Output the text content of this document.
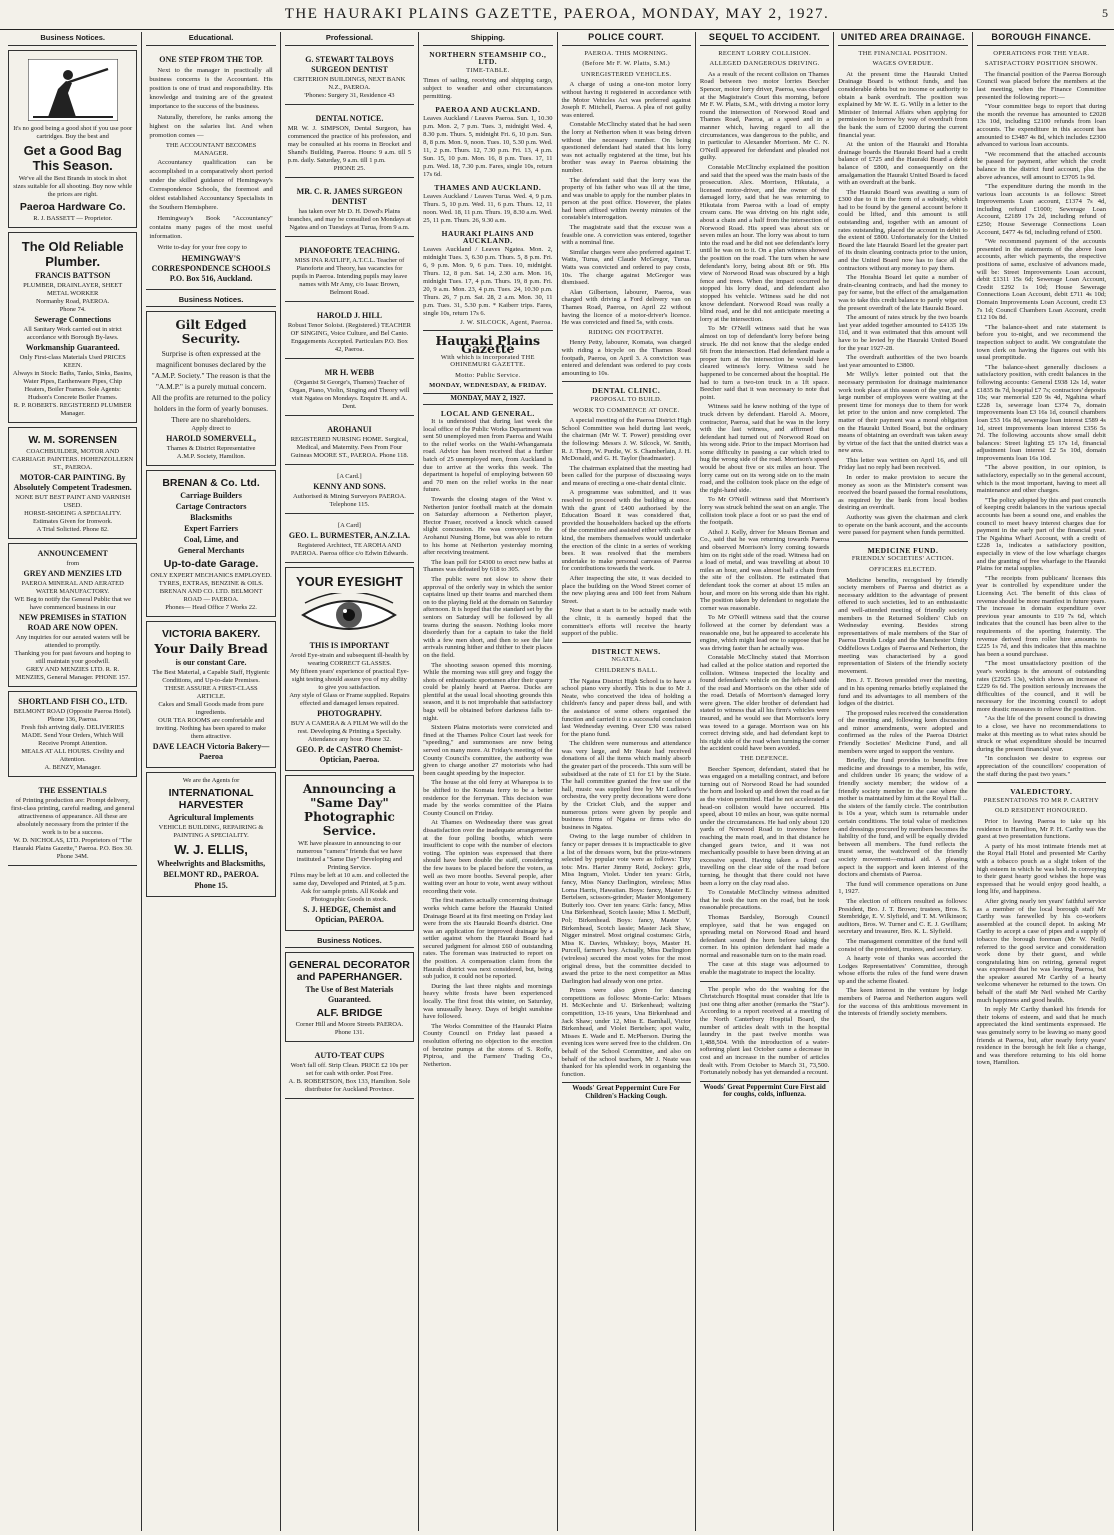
THE HAURAKI PLAINS GAZETTE, PAEROA, MONDAY, MAY 2, 1927.	5
Business Notices.
It's no good being a good shot if you use poor cartridges. Buy the best and
Get a Good Bag This Season.
We've all the Best Brands in stock in shot sizes suitable for all shooting. Buy now while the prices are right.
Paeroa Hardware Co.
R. J. BASSETT — Proprietor.
The Old Reliable Plumber.
FRANCIS BATTSON
PLUMBER, DRAINLAYER, SHEET METAL WORKER
Normanby Road, PAEROA.
Phone 74.
Sewerage Connections
All Sanitary Work carried out in strict accordance with Borough By-laws.
Workmanship Guaranteed.
Only First-class Materials Used PRICES KEEN.
Always in Stock: Baths, Tanks, Sinks, Basins, Water Pipes, Earthenware Pipes, Chip Heaters, Boiler Frames. Sole Agents: Hudson's Concrete Boiler Frames.
R. P. ROBERTS. REGISTERED PLUMBER Manager.
W. M. SORENSEN
COACHBUILDER, MOTOR AND CARRIAGE PAINTERS. HOHENZOLLERN ST., PAEROA.
MOTOR-CAR PAINTING. By Absolutely Competent Tradesmen.
NONE BUT BEST PAINT AND VARNISH USED.
HORSE-SHOEING A SPECIALITY.
Estimates Given for Ironwork.
A Trial Solicited. Phone 82.
ANNOUNCEMENT
from
GREY AND MENZIES LTD
PAEROA MINERAL AND AERATED WATER MANUFACTORY.
WE Beg to notify the General Public that we have commenced business in our
NEW PREMISES in STATION ROAD ARE NOW OPEN.
Any inquiries for our aerated waters will be attended to promptly.
Thanking you for past favours and hoping to still maintain your goodwill.
GREY AND MENZIES LTD. R. R. MENZIES, General Manager. PHONE 157.
SHORTLAND FISH CO., LTD.
BELMONT ROAD (Opposite Paeroa Hotel). Phone 136, Paeroa.
Fresh fish arriving daily. DELIVERIES MADE. Send Your Orders, Which Will Receive Prompt Attention.
MEALS AT ALL HOURS. Civility and Attention.
A. BENZY, Manager.
THE ESSENTIALS
of Printing production are: Prompt delivery, first-class printing, careful reading, and general attractiveness of appearance. All these are absolutely necessary from the printer if the work is to be a success.
W. D. NICHOLAS, LTD. Proprietors of "The Hauraki Plains Gazette," Paeroa. P.O. Box 30. Phone 34M.
Educational.
ONE STEP FROM THE TOP.

Next to the manager in practically all business concerns is the Accountant. His position is one of trust and responsibility. His knowledge and training are of the greatest importance to the success of the business.

Naturally, therefore, he ranks among the highest on the salaries list. And when promotion comes —

THE ACCOUNTANT BECOMES MANAGER.

Accountancy qualification can be accomplished in a comparatively short period under the skilled guidance of Hemingway's Correspondence Schools, the foremost and oldest established Accountancy Specialists in the Southern Hemisphere.

Hemingway's Book "Accountancy" contains many pages of the most useful information.

Write to-day for your free copy to

HEMINGWAY'S CORRESPONDENCE SCHOOLS P.O. Box 516, Auckland.
Business Notices.
Gilt Edged Security.
Surprise is often expressed at the magnificent bonuses declared by the "A.M.P. Society." The reason is that the "A.M.P." is a purely mutual concern. All the profits are returned to the policy holders in the form of yearly bonuses. There are no shareholders.
Apply direct to
HAROLD SOMERVELL,
Thames & District Representative
A.M.P. Society, Hamilton.
BRENAN & Co. Ltd.
Carriage Builders
Cartage Contractors
Blacksmiths
Expert Farriers
Coal, Lime, and
General Merchants
Up-to-date Garage.
ONLY EXPERT MECHANICS EMPLOYED.
TYRES, EXTRAS, BENZINE & OILS.
BRENAN AND CO. LTD. BELMONT ROAD — PAEROA.
Phones— Head Office 7 Works 22.
VICTORIA BAKERY.
Your Daily Bread
is our constant Care.
The Best Material, a Capable Staff, Hygienic Conditions, and Up-to-date Premises.
THESE ASSURE A FIRST-CLASS ARTICLE.
Cakes and Small Goods made from pure ingredients.
OUR TEA ROOMS are comfortable and inviting. Nothing has been spared to make them attractive.
DAVE LEACH Victoria Bakery—Paeroa
We are the Agents for
INTERNATIONAL HARVESTER
Agricultural Implements
VEHICLE BUILDING, REPAIRING & PAINTING A SPECIALITY.
W. J. ELLIS,
Wheelwrights and Blacksmiths,
BELMONT RD., PAEROA.
Phone 15.
Professional.
G. STEWART TALBOYS SURGEON DENTIST
CRITERION BUILDINGS, NEXT BANK N.Z., PAEROA.
'Phones: Surgery 31, Residence 43
DENTAL NOTICE.
MR W. J. SIMPSON, Dental Surgeon, has commenced the practice of his profession, and may be consulted at his rooms in Brocket and Shand's Building, Paeroa. Hours: 9 a.m. till 5 p.m. daily. Saturday, 9 a.m. till 1 p.m.
PHONE 25.
MR. C. R. JAMES SURGEON DENTIST
has taken over Mr D. H. Dowd's Plains branches, and may be consulted on Mondays at Ngatea and on Tuesdays at Turua, from 9 a.m.
PIANOFORTE TEACHING.
MISS INA RATLIFF, A.T.C.L. Teacher of Pianoforte and Theory, has vacancies for pupils in Paeroa. Intending pupils may leave names with Mr Amy, c/o Isaac Brown, Belmont Road.
HAROLD J. HILL
Robust Tenor Soloist. (Registered.) TEACHER OF SINGING, Voice Culture, and Bel Canto. Engagements Accepted. Particulars P.O. Box 42, Paeroa.
MR H. WEBB
(Organist St George's, Thames) Teacher of Organ, Piano, Violin, Singing and Theory will visit Ngatea on Mondays. Enquire H. and A. Dent.
AROHANUI
REGISTERED NURSING HOME. Surgical, Medical, and Maternity. Fees From Four Guineas MOORE ST., PAEROA. Phone 118.
[A Card.]
KENNY AND SONS.
Authorised & Mining Surveyors PAEROA. Telephone 115.
[A Card]
GEO. L. BURMESTER, A.N.Z.I.A.
Registered Architect, TE AROHA AND PAEROA. Paeroa office c/o Edwin Edwards.
YOUR EYESIGHT
THIS IS IMPORTANT
Avoid Eye-strain and subsequent ill-health by wearing CORRECT GLASSES.
My fifteen years' experience of practical Eye-sight testing should assure you of my ability to give you satisfaction.
Any style of Glass or Frame supplied. Repairs effected and damaged lenses repaired.
PHOTOGRAPHY.
BUY A CAMERA & A FILM We will do the rest. Developing & Printing a Specialty. Attendance any hour. Phone 32.
GEO. P. de CASTRO Chemist-Optician, Paeroa.
Announcing a "Same Day" Photographic Service.
WE have pleasure in announcing to our numerous "camera" friends that we have instituted a "Same Day" Developing and Printing Service.
Films may be left at 10 a.m. and collected the same day, Developed and Printed, at 5 p.m.
Ask for sample prints. All Kodak and Photographic Goods in stock.
S. J. HEDGE, Chemist and Optician, PAEROA.
Business Notices.
GENERAL DECORATOR and PAPERHANGER.
The Use of Best Materials Guaranteed.
ALF. BRIDGE
Corner Hill and Moore Streets PAEROA. Phone 131.
AUTO-TEAT CUPS
Won't fall off. Strip Clean. PRICE £2 10s per set for cash with order. Post Free.
A. B. ROBERTSON, Box 133, Hamilton. Sole distributor for Auckland Province.
Shipping.
NORTHERN STEAMSHIP CO., LTD.
TIME-TABLE.
Times of sailing, receiving and shipping cargo, subject to weather and other circumstances permitting.
PAEROA AND AUCKLAND.
Leaves Auckland / Leaves Paeroa. Sun. 1, 10.30 p.m. Mon. 2, 7 p.m. Tues. 3, midnight Wed. 4, 8.30 p.m. Thurs. 5, midnight Fri. 6, 10 p.m. Sun. 8, 8 p.m. Mon. 9, noon. Tues. 10, 5.30 p.m. Wed. 11, 2 p.m. Thurs. 12, 7.30 p.m. Fri. 13, 4 p.m. Sun. 15, 10 p.m. Mon. 16, 8 p.m. Tues. 17, 11 p.m. Wed. 18, 7.30 p.m. Fares, single 10s, return 17s 6d.
THAMES AND AUCKLAND.
Leaves Auckland / Leaves Turua. Wed. 4, 9 p.m. Thurs. 5, 10 p.m. Wed. 11, 6 p.m. Thurs. 12, 11 noon. Wed. 18, 11 p.m. Thurs. 19, 8.30 a.m. Wed. 25, 11 p.m. Thurs. 26, 9.30 a.m.
HAURAKI PLAINS AND AUCKLAND.
Leaves Auckland / Leaves Ngatea. Mon. 2, midnight Tues. 3, 6.30 p.m. Thurs. 5, 8 p.m. Fri. 6, 9 p.m. Mon. 9, 6 p.m. Tues. 10, midnight. Thurs. 12, 8 p.m. Sat. 14, 2.30 a.m. Mon. 16, midnight Tues. 17, 4 p.m. Thurs. 19, 8 p.m. Fri. 20, 9 a.m. Mon. 23, 4 p.m. Tues. 24, 10.30 p.m. Thurs. 26, 7 p.m. Sat. 28, 2 a.m. Mon. 30, 11 p.m. Tues. 31, 5.30 p.m. * Kaiberr trips. Fares, single 10s, return 17s 6.
J. W. SILCOCK, Agent, Paeroa.
Hauraki Plains Gazette
With which is incorporated THE OHINEMURI GAZETTE.
Motto: Public Service.
MONDAY, WEDNESDAY, & FRIDAY.
MONDAY, MAY 2, 1927.
LOCAL AND GENERAL.

It is understood that during last week the local office of the Public Works Department was sent 50 unemployed men from Paeroa and Waihi to the relief works on the Waihi-Whangamata road. Advice has been received that a further batch of 25 unemployed men, from Auckland is due to arrive at the works this week. The department is hopeful of employing between 60 and 70 men on the relief works in the near future.

Towards the closing stages of the West v. Netherton junior football match at the domain on Saturday afternoon a Netherton player, Hector Fraser, received a knock which caused slight concussion. He was conveyed to the Arohanui Nursing Home, but was able to return to his home at Netherton yesterday morning after receiving treatment.

The loan poll for £4300 to erect new baths at Thames was defeated by 618 to 305.

The public were not slow to show their approval of the orderly way in which the senior captains lined up their teams and marched them on to the playing field at the domain on Saturday afternoon. It is hoped that the standard set by the seniors on Saturday will be followed by all teams during the season. Nothing looks more disorderly than for a captain to take the field with a few men short, and then to see the late arrivals running hither and thither to their places on the field.

The shooting season opened this morning. While the morning was still grey and foggy the shots of enthusiastic sportsmen after their quarry could be plainly heard at Paeroa. Ducks are plentiful at the usual local shooting grounds this season, and it is not improbable that satisfactory bags will be obtained before darkness falls to-night.

Sixteen Plains motorists were convicted and fined at the Thames Police Court last week for "speeding," and summonses are now being served on many more. At Friday's meeting of the County Council's committee, the authority was given to charge another 27 motorists who had been caught speeding by the inspector.

The house at the old ferry at Wharepoa is to be shifted to the Komata ferry to be a better residence for the ferryman. This decision was made by the works committee of the Plains County Council on Friday.

At Thames on Wednesday there was great dissatisfaction over the inadequate arrangements at the four polling booths, which were insufficient to cope with the number of electors voting. The opinion was expressed that there should have been double the staff, considering the few issues to be placed before the voters, as well as two more booths. Several people, after waiting over an hour to vote, went away without recording their vote.

The first matters actually concerning drainage works which came before the Hauraki United Drainage Board at its first meeting on Friday last were from the six Hauraki Board's district. One was an application for improved drainage by a settler against whom the Hauraki Board had secured judgment for almost £60 of outstanding rates. The foreman was instructed to report on the position. A compensation claim from the Hauraki district was next considered, but, being sub judice, it could not be reported.

During the last three nights and mornings heavy white frosts have been experienced locally. The first frost this winter, on Saturday, was unusually heavy. Days of bright sunshine have followed.

The Works Committee of the Hauraki Plains County Council on Friday last passed a resolution offering no objection to the erection of benzine pumps at the stores of S. Roffe, Pipiroa, and the Farmers' Trading Co., Netherton.

POLICE COURT.
PAEROA. THIS MORNING.
(Before Mr F. W. Platts, S.M.)
UNREGISTERED VEHICLES.

A charge of using a one-ton motor lorry without having it registered in accordance with the Motor Vehicles Act was preferred against Joseph F. Mitchell, Paeroa. A plea of not guilty was entered.

Constable McClinchy stated that he had seen the lorry at Netherton when it was being driven without the necessary number. On being questioned defendant had stated that his lorry was not actually registered at the time, but his brother was away in Paeroa obtaining the number.

The defendant said that the lorry was the property of his father who was ill at the time, and was unable to apply for the number plates in person at the post office. However, the plates had been affixed within twenty minutes of the constable's interrogation.

The magistrate said that the excuse was a feasible one. A conviction was entered, together with a nominal fine.

Similar charges were also preferred against T. Watts, Turua, and Claude McGregor, Turua. Watts was convicted and ordered to pay costs, 10s. The charge against McGregor was dismissed.

Alan Gilbertson, labourer, Paeroa, was charged with driving a Ford delivery van on Thames Road, Paeroa, on April 22 without having the licence of a motor-driver's licence. He was convicted and fined 5s, with costs.

RIDING ON FOOTPATH.

Henry Petty, labourer, Komata, was charged with riding a bicycle on the Thames Road footpath, Paeroa, on April 3. A conviction was entered and defendant was ordered to pay costs amounting to 10s.

DENTAL CLINIC.
PROPOSAL TO BUILD.
WORK TO COMMENCE AT ONCE.

A special meeting of the Paeroa District High School Committee was held during last week, the chairman (Mr W. T. Power) presiding over the following: Messrs J. W. Silcock, W. Smith, R. J. Thorp, W. Purdie, W. S. Chamberlain, J. H. McDonald, and G. H. Taylor (headmaster).

The chairman explained that the meeting had been called for the purpose of discussing ways and means of erecting a one-chair dental clinic.

A programme was submitted, and it was resolved to proceed with the building at once. With the grant of £400 authorised by the Education Board it was considered that, provided the householders backed up the efforts of the committee and assisted either with cash or kind, the members themselves would undertake the erection of the clinic in a series of working bees. It was resolved that the members undertake to make personal canvass of Paeroa for contributions towards the work.

After inspecting the site, it was decided to place the building on the Wood Street corner of the new playing area and 100 feet from Nahum Street.

Now that a start is to be actually made with the clinic, it is earnestly hoped that the committee's efforts will receive the hearty support of the public.

DISTRICT NEWS.
NGATEA.
CHILDREN'S BALL.

The Ngatea District High School is to have a school piano very shortly. This is due to Mr J. Neate, who conceived the idea of holding a children's fancy and paper dress ball, and with the assistance of some others organised the function and carried it to a successful conclusion last Wednesday evening. Over £30 was raised for the piano fund.

The children were numerous and attendance was very large, and Mr Neate had received donations of all the items which mainly absorb the greater part of the proceeds. This sum will be subsidised at the rate of £1 for £1 by the State. The hall committee granted the free use of the hall, music was supplied free by Mr Ludlow's orchestra, the very pretty decorations were done by the Cricket Club, and the supper and numerous prizes were given by people and business firms of Ngatea or firms who do business in Ngatea.

Owing to the large number of children in fancy or paper dresses it is impracticable to give a list of the dresses worn, but the prize-winners selected by popular vote were as follows: Tiny tots: Mrs. Harter Jimmy Reid, Jockey: girls, Miss Ingram, Violet. Under ten years: Girls, fancy, Miss Nancy Darlington, wireless; Miss Lorna Harris, Hawaiian. Boys: fancy, Master E. Bertelsen, scissors-grinder; Master Montgomery Butterly too. Over ten years: Girls: fancy, Miss Una Birkenhead, Scotch lassie; Miss I. McDuff, Pol; Birkenhead. Boys: fancy, Master V. Birkenhead, Scotch lassie; Master Jack Shaw, Nigger minstrel. Most original costumes: Girls, Miss K. Davies, Whiskey; boys, Master H. Purcell, farmer's boy. Actually, Miss Darlington (wireless) secured the most votes for the most original dress, but the committee decided to award the prize to the next competitor as Miss Darlington had already won one prize.

Prizes were also given for dancing competitions as follows: Monte-Carlo: Misses H. McKechnie and U. Birkenhead; waltzing competition, 13-16 years, Una Birkenhead and Jack Shaw; under 12, Miss E. Barnhall, Victor Birkenhead, and Violet Bertelsen; spot waltz, Misses E. Wade and E. McPherson. During the evening ices were served free to the children. On behalf of the School Committee, and also on behalf of the school teachers, Mr J. Neate was thanked for his splendid work in organising the function.

Woods' Great Peppermint Cure For Children's Hacking Cough.
SEQUEL TO ACCIDENT.
RECENT LORRY COLLISION.
ALLEGED DANGEROUS DRIVING.

As a result of the recent collision on Thames Road between two motor lorries Beecher Spencer, motor lorry driver, Paeroa, was charged at the Magistrate's Court this morning, before Mr F. W. Platts, S.M., with driving a motor lorry round the intersection of Norwood Road and Thames Road, Paeroa, at a speed and in a manner which, having regard to all the circumstances, was dangerous to the public, and in particular to Alexander Morrison. Mr C. N. O'Neill appeared for defendant and pleaded not guilty.

Constable McClinchy explained the position and said that the speed was the main basis of the prosecution. Alex. Morrison, Hikutaia, a licensed motor-driver, and the owner of the damaged lorry, said that he was returning to Hikutaia from Paeroa with a load of empty cream cans. He was driving on his right side, about a chain and a half from the intersection of Norwood Road. His speed was about six or seven miles an hour. The lorry was about to turn into the road and he did not see defendant's lorry until he was on to it. On a plan witness showed the position on the road. The turn when he saw defendant's lorry, being about 8ft or 9ft. His view of Norwood Road was obscured by a high fence and trees. When the impact occurred he stopped his lorry dead, and defendant also stopped his vehicle. Witness said he did not know defendant. Norwood Road was really a blind road, and he did not anticipate meeting a lorry at the intersection.

To Mr O'Neill witness said that he was almost on top of defendant's lorry before being struck. He did not know that the sledge ended 6ft from the intersection. Had defendant made a proper turn at the intersection he would have cleared witness's lorry. Witness said he happened to be concerned about the hospital. He had to turn a two-ton truck in a 1ft space. Beecher said that it was necessary to note that point.

Witness said he knew nothing of the type of truck driven by defendant. Harold A. Moore, contractor, Paeroa, said that he was in the lorry with the last witness, and affirmed that defendant had turned out of Norwood Road on his wrong side. Prior to the impact Morrison had some difficulty in passing a car which tried to hug the wrong side of the road. Morrison's speed would be about five or six miles an hour. The lorry came out on its wrong side on to the main road, and the collision took place on the edge of the right-hand side.

To Mr O'Neill witness said that Morrison's lorry was struck behind the seat on an angle. The collision took place a foot or so past the end of the footpath.

Athol J. Kelly, driver for Messrs Brenan and Co., said that he was returning towards Paeroa and observed Morrison's lorry coming towards him on its right side of the road. Witness had on a load of metal, and was travelling at about 10 miles an hour, and was almost half a chain from the site of the collision. He estimated that defendant took the corner at about 15 miles an hour, and more on his wrong side than his right. The position taken by defendant to negotiate the corner was reasonable.

To Mr O'Neill witness said that the course followed at the corner by defendant was a reasonable one, but he appeared to accelerate his engine, which might lead one to suppose that he was driving faster than he actually was.

Constable McClinchy stated that Morrison had called at the police station and reported the collision. Witness inspected the locality and found defendant's vehicle on the left-hand side of the road and Morrison's on the other side of the road. Details of Morrison's damaged lorry were given. The elder brother of defendant had stated to witness that all his firm's vehicles were insured, and he would see that Morrison's lorry was towed to a garage. Morrison was on his correct driving side, and had defendant kept to his right side of the road when turning the corner the accident could have been avoided.

THE DEFENCE.

Beecher Spencer, defendant, stated that he was engaged on a metalling contract, and before turning out of Norwood Road he had sounded the horn and looked up and down the road as far as the vision permitted. Had he not accelerated a head-on collision would have occurred. His speed, about 10 miles an hour, was quite normal under the circumstances. He had only about 120 yards of Norwood Road to traverse before reaching the main road, and in that distance he changed gears twice, and it was not mechanically possible to have been driving at an excessive speed. Having taken a Ford car travelling on the clear side of the road before turning, he thought that there could not have been a lorry on the clay road also.

To Constable McClinchy witness admitted that he took the turn on the road, but he took reasonable precautions.

Thomas Bardsley, Borough Council employee, said that he was engaged on spreading metal on Norwood Road and heard defendant sound the horn before taking the corner. In his opinion defendant had made a normal and reasonable turn on to the main road.

The case at this stage was adjourned to enable the magistrate to inspect the locality.

The people who do the washing for the Christchurch Hospital must consider that life is just one thing after another (remarks the "Star"). According to a report received at a meeting of the North Canterbury Hospital Board, the number of articles dealt with in the hospital laundry in the past twelve months was 1,488,504. With the introduction of a water-softening plant last October came a decrease in cost and an increase in the number of articles dealt with. From October to March 31, 73,500. Fortunately nobody has yet demanded a recount.

Woods' Great Peppermint Cure First aid for coughs, colds, influenza.
UNITED AREA DRAINAGE.
THE FINANCIAL POSITION.
WAGES OVERDUE.

At the present time the Hauraki United Drainage Board is without funds, and has considerable debts but no income or authority to obtain a bank overdraft. The position was explained by Mr W. E. G. Willy in a letter to the Minister of Internal Affairs when applying for permission to borrow by way of overdraft from the bank the sum of £2000 during the current financial year.

At the union of the Hauraki and Horahia drainage boards the Hauraki Board had a credit balance of £725 and the Hauraki Board a debit balance of £800, and consequently on the amalgamation the Hauraki United Board is faced with an overdraft at the bank.

The Hauraki Board was awaiting a sum of £300 due to it in the form of a subsidy, which had to be found by the general account before it could be lifted, and this amount is still outstanding and, together with an amount of rates outstanding, placed the account in debit to the extent of £800. Unfortunately for the United Board the late Hauraki Board let the greater part of its drain cleaning contracts prior to the union, and the United Board now has to face all the contractors without any money to pay them.

The Horahia Board let quite a number of drain-cleaning contracts, and had the money to pay for same, but the effect of the amalgamation was to take this credit balance to partly wipe out the present overdraft of the late Hauraki Board.

The amount of rates struck by the two boards last year added together amounted to £4135 19s 11d, and it was estimated that this amount will have to be levied by the Hauraki United Board for the year 1927-28.

The overdraft authorities of the two boards last year amounted to £3800.

Mr Willy's letter pointed out that the necessary permission for drainage maintenance work took place at this season of the year, and a large number of employees were waiting at the present time for moneys due to them for work let prior to the union and now completed. The matter of their payment was a moral obligation on the Hauraki United Board, but the ordinary means of obtaining an overdraft was taken away by virtue of the fact that the united district was a new area.

This letter was written on April 16, and till Friday last no reply had been received.

In order to make provision to secure the money as soon as the Minister's consent was received the board passed the formal resolutions, as required by the bank from local bodies desiring an overdraft.

Authority was given the chairman and clerk to operate on the bank account, and the accounts were passed for payment when funds permitted.

MEDICINE FUND.
FRIENDLY SOCIETIES' ACTION.
OFFICERS ELECTED.

Medicine benefits, recognised by friendly society members of Paeroa and district as a necessary addition to the advantage of present offered to such societies, led to an enthusiastic and well-attended meeting of friendly society members in the Returned Soldiers' Club on Wednesday evening. Besides strong representatives of male members of the Star of Paeroa Druids Lodge and the Manchester Unity Oddfellows Lodges of Paeroa and Netherton, the meeting was characterised by a good representation of Sisters of the friendly society movement.

Bro. J. T. Brown presided over the meeting, and in his opening remarks briefly explained the fund and its advantages to all members of the lodges of the district.

The proposed rules received the consideration of the meeting and, following keen discussion and minor amendments, were adopted and confirmed as the rules of the Paeroa District Friendly Societies' Medicine Fund, and all members were urged to support the venture.

Briefly, the fund provides to benefits free medicine and dressings to a member, his wife, and children under 16 years; the widow of a friendly society member; the widow of a friendly society member in the case where the mother is maintained by him at the Royal Hall ... the sisters of the family circle. The contribution is 10s a year, which sum is returnable under certain conditions. The total value of medicines and dressings procured by members becomes the liability of the fund, and will be equally divided between all members. The fund reflects the truest sense, the watchword of the friendly society movement—mutual aid. A pleasing aspect is the support and keen interest of the doctors and chemists of Paeroa.

The fund will commence operations on June 1, 1927.

The election of officers resulted as follows: President, Bro. J. T. Brown; trustees, Bros. S. Stembridge, E. V. Slyfield, and T. M. Wilkinson; auditors, Bros. W. Turner and C. E. J. Gwilliam; secretary and treasurer, Bro. K. L. Slyfield.

The management committee of the fund will consist of the president, trustees, and secretary.

A hearty vote of thanks was accorded the Lodges Representatives' Committee, through whose efforts the rules of the fund were drawn up and the scheme floated.

The keen interest in the venture by lodge members of Paeroa and Netherton augurs well for the success of this ambitious movement in the interests of friendly society members.

BOROUGH FINANCE.
OPERATIONS FOR THE YEAR.
SATISFACTORY POSITION SHOWN.

The financial position of the Paeroa Borough Council was placed before the members at the last meeting, when the Finance Committee presented the following report:—

"Your committee begs to report that during the month the revenue has amounted to £2028 13s 10d, including £2100 refunds from loan accounts. The expenditure in this account has amounted to £3487 4s 8d, which includes £2300 advanced to various loan accounts.

"We recommend that the attached accounts be passed for payment, after which the credit balance in the district fund account, plus the above advances, will amount to £3705 1s 9d.

"The expenditure during the month in the various loan accounts is as follows: Street Improvements Loan account, £1374 7s 4d, including refund £1000; Sewerage Loan Account, £2189 17s 2d, including refund of £250; House Sewerage Connections Loan Account, £477 4s 6d, including refund of £500.

"We recommend payment of the accounts presented in the statements of the above loan accounts, after which payments, the respective positions of same, exclusive of advances made, will be: Street Improvements Loan account, debit £1311 15s 6d; Sewerage Loan Account, Credit £292 1s 10d; House Sewerage Connections Loan Account, debit £711 4s 10d; Domain Improvements Loan Account, credit £3 7s 1d; Council Chambers Loan Account, credit £12 10s 8d.

"The balance-sheet and rate statement is before you to-night, and we recommend the inspection subject to audit. We congratulate the town clerk on having the figures out with his usual promptitude.

"The balance-sheet generally discloses a satisfactory position, with credit balances in the following accounts: General £938 12s 1d, water £1835 8s 7d, hospital £7 7s; contractors' deposits 10s; war memorial £20 9s 4d, Ngahina wharf £228 1s, sewerage loan £374 7s, domain improvements loan £3 16s 1d, council chambers loan £53 16s 8d, sewerage loan interest £589 4s 1d, street improvements loan interest £356 5s 7d. The following accounts show small debit balances: Street lighting £5 17s 1d, financial adjustment loan interest £2 5s 10d, domain improvements loan 16s 10d.

"The above position, in our opinion, is satisfactory, especially so in the general account, which is the most important, having to meet all maintenance and other charges.

"The policy adopted by this and past councils of keeping credit balances in the various special accounts has been a sound one, and enables the council to meet heavy interest charges due for payment in the early part of the financial year. The Ngahina Wharf Account, with a credit of £228 1s, indicates a satisfactory position, especially in view of the low wharfage charges and the granting of free wharfage to the Hauraki Plains for metal supplies.

"The receipts from publicans' licenses this year is controlled by expenditure under the Licensing Act. The benefit of this class of revenue should be more manifest in future years. The increase in domain expenditure over previous year amounts to £19 7s 6d, which indicates that the council has been alive to the requirements of the sporting fraternity. The revenue derived from roller hire amounts to £225 1s 7d, and this indicates that this machine has been a sound purchase.

"The most unsatisfactory position of the year's workings is the amount of outstanding rates (£2925 13s), which shows an increase of £229 6s 6d. The position seriously increases the difficulties of the council, and it will be necessary for the incoming council to adopt more drastic measures to relieve the position.

"As the life of the present council is drawing to a close, we have no recommendations to make at this meeting as to what rates should be struck or what expenditure should be incurred during the present financial year.

"In conclusion we desire to express our appreciation of the councillors' cooperation of the staff during the past two years."

VALEDICTORY.
PRESENTATIONS TO MR P. CARTHY
OLD RESIDENT HONOURED.

Prior to leaving Paeroa to take up his residence in Hamilton, Mr P. H. Carthy was the guest at two presentation functions.

A party of his most intimate friends met at the Royal Hall Hotel and presented Mr Carthy with a tobacco pouch as a slight token of the high esteem in which he was held. In conveying to their guest hearty good wishes the hope was expressed that he would enjoy good health, a long life, and happiness.

After giving nearly ten years' faithful service as a member of the local borough staff Mr Carthy was farewelled by his co-workers assembled at the council depot. In asking Mr Carthy to accept a case of pipes and a supply of tobacco the borough foreman (Mr W. Neill) referred to the good service and consideration work done by their guest, and while congratulating him on retiring, general regret was expressed that he was leaving Paeroa, but the speaker assured Mr Carthy of a hearty welcome whenever he returned to the town. On behalf of the staff Mr Neil wished Mr Carthy much happiness and good health.

In reply Mr Carthy thanked his friends for their tokens of esteem, and said that he much appreciated the kind sentiments expressed. He was genuinely sorry to be leaving so many good friends at Paeroa, but, after nearly forty years' residence in the borough he felt like a change, and was therefore returning to his old home town, Hamilton.
